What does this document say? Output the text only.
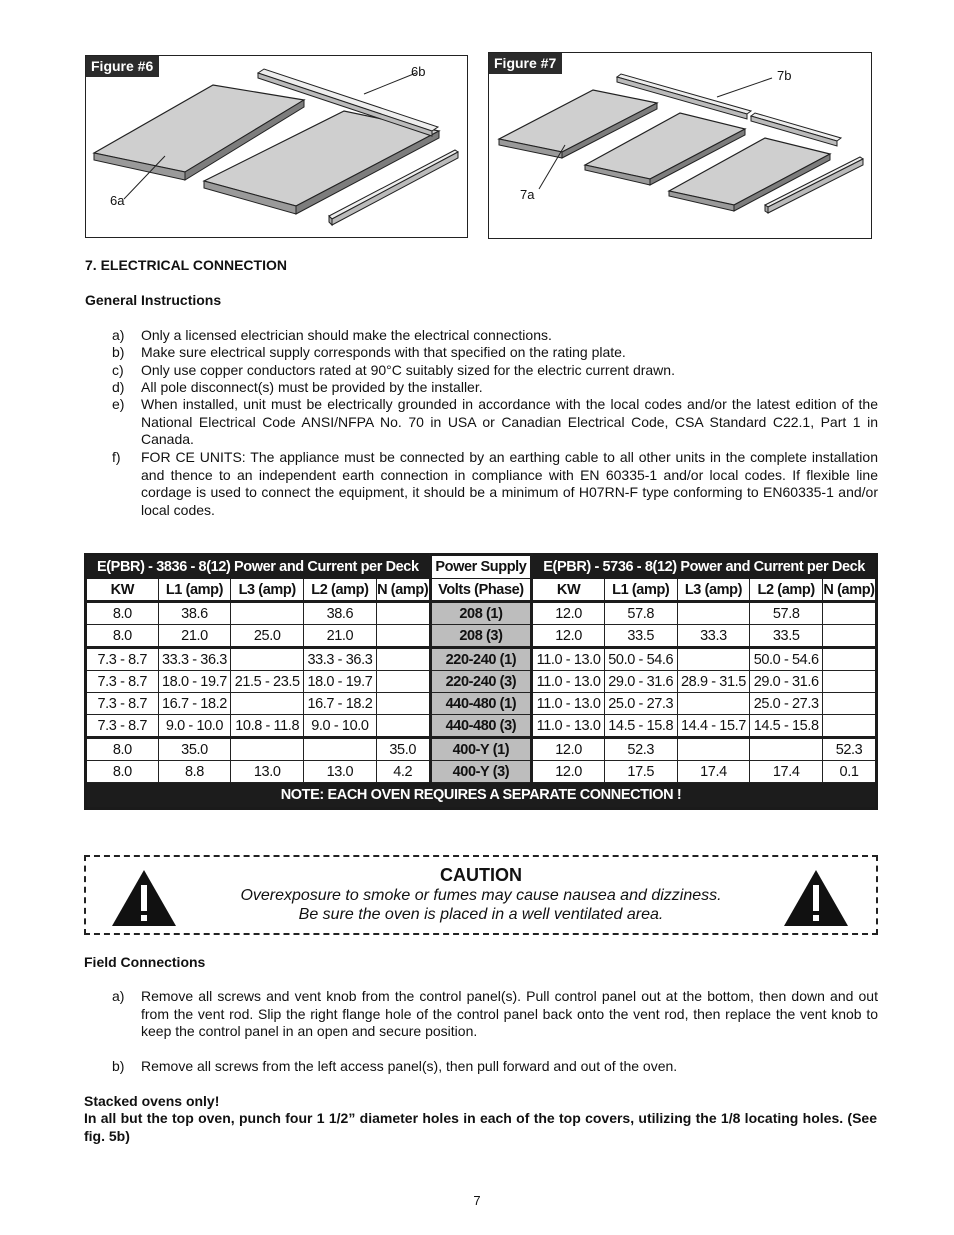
Figure #6
6a
6b
Figure #7
7a
7b
7. ELECTRICAL CONNECTION
General Instructions
a)	Only a licensed electrician should make the electrical connections.
b)	Make sure electrical supply corresponds with that specified on the rating plate.
c)	Only use copper conductors rated at 90°C suitably sized for the electric current drawn.
d)	All pole disconnect(s) must be provided by the installer.
e)	When installed, unit must be electrically grounded in accordance with the local codes and/or the latest edition of the National Electrical Code ANSI/NFPA No. 70 in USA or Canadian Electrical Code, CSA Standard C22.1, Part 1 in Canada.
f)	FOR CE UNITS: The appliance must be connected by an earthing cable to all other units in the complete installation and thence to an independent earth connection in compliance with EN 60335-1 and/or local codes. If flexible line cordage is used to connect the equipment, it should be a minimum of H07RN-F type conforming to EN60335-1 and/or local codes.
E(PBR) - 3836 - 8(12) Power and Current per Deck					Power Supply	E(PBR) - 5736 - 8(12) Power and Current per Deck				
KW	L1 (amp)	L3 (amp)	L2 (amp)	N (amp)	Volts (Phase)	KW	L1 (amp)	L3 (amp)	L2 (amp)	N (amp)
8.0	38.6		38.6		208 (1)	12.0	57.8		57.8	
8.0	21.0	25.0	21.0		208 (3)	12.0	33.5	33.3	33.5	
7.3 - 8.7	33.3 - 36.3		33.3 - 36.3		220-240 (1)	11.0 - 13.0	50.0 - 54.6		50.0 - 54.6	
7.3 - 8.7	18.0 - 19.7	21.5 - 23.5	18.0 - 19.7		220-240 (3)	11.0 - 13.0	29.0 - 31.6	28.9 - 31.5	29.0 - 31.6	
7.3 - 8.7	16.7 - 18.2		16.7 - 18.2		440-480 (1)	11.0 - 13.0	25.0 - 27.3		25.0 - 27.3	
7.3 - 8.7	9.0 - 10.0	10.8 - 11.8	9.0 - 10.0		440-480 (3)	11.0 - 13.0	14.5 - 15.8	14.4 - 15.7	14.5 - 15.8	
8.0	35.0			35.0	400-Y (1)	12.0	52.3			52.3
8.0	8.8	13.0	13.0	4.2	400-Y (3)	12.0	17.5	17.4	17.4	0.1
NOTE: EACH OVEN REQUIRES A SEPARATE CONNECTION !										
CAUTION
Overexposure to smoke or fumes may cause nausea and dizziness.
Be sure the oven is placed in a well ventilated area.
Field Connections
a)	Remove all screws and vent knob from the control panel(s). Pull control panel out at the bottom, then down and out from the vent rod. Slip the right flange hole of the control panel back onto the vent rod, then replace the vent knob to keep the control panel in an open and secure position.
b)	Remove all screws from the left access panel(s), then pull forward and out of the oven.
Stacked ovens only!
In all but the top oven, punch four 1 1/2” diameter holes in each of the top covers, utilizing the 1/8 locating holes. (See fig. 5b)
7
